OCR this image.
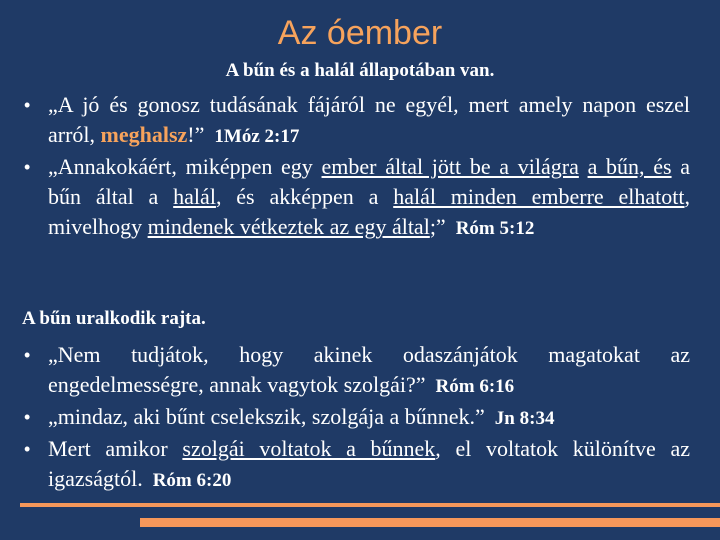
Az óember
A bűn és a halál állapotában van.
• „A jó és gonosz tudásának fájáról ne egyél, mert amely napon eszel arról, meghalsz!” 1Móz 2:17
• „Annakokáért, miképpen egy ember által jött be a világra a bűn, és a bűn által a halál, és akképpen a halál minden emberre elhatott, mivelhogy mindenek vétkeztek az egy által;” Róm 5:12
A bűn uralkodik rajta.
• „Nem tudjátok, hogy akinek odaszánjátok magatokat az engedelmességre, annak vagytok szolgái?” Róm 6:16
• „mindaz, aki bűnt cselekszik, szolgája a bűnnek.” Jn 8:34
• Mert amikor szolgái voltatok a bűnnek, el voltatok különítve az igazságtól. Róm 6:20
